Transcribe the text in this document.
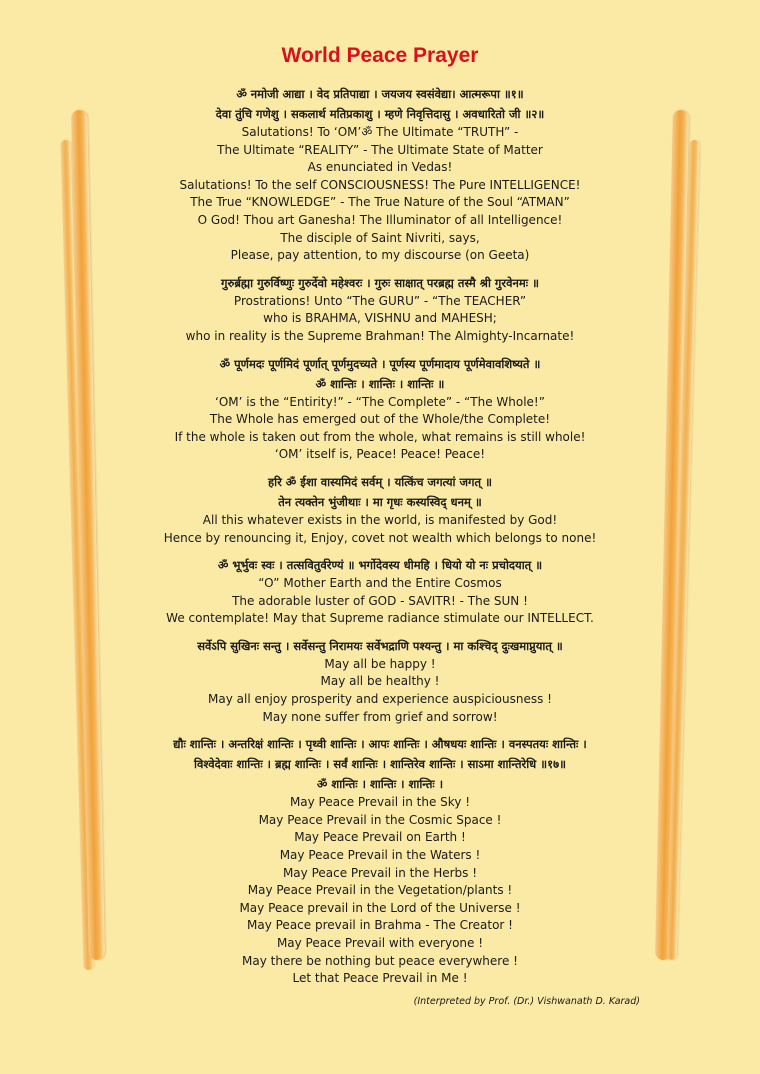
World Peace Prayer
ॐ नमोजी आद्या । वेद प्रतिपाद्या । जयजय स्वसंवेद्या। आत्मरूपा ॥१॥
देवा तुंचि गणेशु । सकलार्थ मतिप्रकाशु । म्हणे निवृत्तिदासु । अवधारितो जी ॥२॥
Salutations! To ‘OM’ॐ The Ultimate “TRUTH” -
The Ultimate “REALITY” - The Ultimate State of Matter
As enunciated in Vedas!
Salutations! To the self CONSCIOUSNESS! The Pure INTELLIGENCE!
The True “KNOWLEDGE” - The True Nature of the Soul “ATMAN”
O God! Thou art Ganesha! The Illuminator of all Intelligence!
The disciple of Saint Nivriti, says,
Please, pay attention, to my discourse (on Geeta)
गुरुर्ब्रह्मा गुरुर्विष्णुः गुरुर्देवो महेश्वरः । गुरुः साक्षात् परब्रह्म तस्मै श्री गुरवेनमः ॥
Prostrations! Unto “The GURU” - “The TEACHER”
who is BRAHMA, VISHNU and MAHESH;
who in reality is the Supreme Brahman! The Almighty-Incarnate!
ॐ पूर्णमदः पूर्णमिदं पूर्णात् पूर्णमुदच्यते । पूर्णस्य पूर्णमादाय पूर्णमेवावशिष्यते ॥
ॐ शान्तिः । शान्तिः । शान्तिः ॥
‘OM’ is the “Entirity!” - “The Complete” - “The Whole!”
The Whole has emerged out of the Whole/the Complete!
If the whole is taken out from the whole, what remains is still whole!
‘OM’ itself is, Peace! Peace! Peace!
हरि ॐ ईशा वास्यमिदं सर्वम् । यत्किंच जगत्यां जगत् ॥
तेन त्यक्तेन भुंजीथाः । मा गृधः कस्यस्विद् धनम् ॥
All this whatever exists in the world, is manifested by God!
Hence by renouncing it, Enjoy, covet not wealth which belongs to none!
ॐ भूर्भुवः स्वः । तत्सवितुर्वरेण्यं ॥ भर्गोदेवस्य धीमहि । धियो यो नः प्रचोदयात् ॥
“O” Mother Earth and the Entire Cosmos
The adorable luster of GOD - SAVITR! - The SUN !
We contemplate! May that Supreme radiance stimulate our INTELLECT.
सर्वेऽपि सुखिनः सन्तु । सर्वेसन्तु निरामयः सर्वेभद्राणि पश्यन्तु । मा कश्चिद् दुःखमाप्नुयात् ॥
May all be happy !
May all be healthy !
May all enjoy prosperity and experience auspiciousness !
May none suffer from grief and sorrow!
द्यौः शान्तिः । अन्तरिक्षं शान्तिः । पृथ्वी शान्तिः । आपः शान्तिः । औषधयः शान्तिः । वनस्पतयः शान्तिः ।
विश्वेदेवाः शान्तिः । ब्रह्म शान्तिः । सर्वं शान्तिः । शान्तिरेव शान्तिः । साऽमा शान्तिरेधि ॥१७॥
ॐ शान्तिः । शान्तिः । शान्तिः ।
May Peace Prevail in the Sky !
May Peace Prevail in the Cosmic Space !
May Peace Prevail on Earth !
May Peace Prevail in the Waters !
May Peace Prevail in the Herbs !
May Peace Prevail in the Vegetation/plants !
May Peace prevail in the Lord of the Universe !
May Peace prevail in Brahma - The Creator !
May Peace Prevail with everyone !
May there be nothing but peace everywhere !
Let that Peace Prevail in Me !
(Interpreted by Prof. (Dr.) Vishwanath D. Karad)
